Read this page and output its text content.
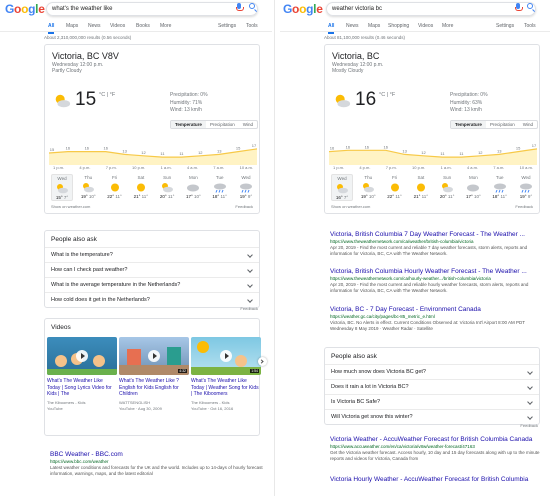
Google	what's the weather like
All Maps News Videos Books More	Settings Tools
About 2,310,000,000 results (0.56 seconds)
Victoria, BC V8V
Wednesday 12:00 p.m.
Partly Cloudy
15 °C | °F	Precipitation: 0%
Humidity: 71%
Wind: 13 km/h
Temperature	Precipitation	Wind
15	16	16	16
13	12	11	11	12	13
15
17
1 p.m.	4 p.m.	7 p.m.	10 p.m.	1 a.m.	4 a.m.	7 a.m.	10 a.m.
Wed
15° 7°
Thu
19° 10°
Fri
22° 11°
Sat
21° 11°
Sun
20° 11°
Mon
17° 10°
Tue
18° 11°
Wed
19° 9°
Show on weather.com	Feedback
People also ask
What is the temperature?
How can I check past weather?
What is the average temperature in the Netherlands?
How cold does it get in the Netherlands?
Feedback
Videos
What's The Weather Like Today | Song Lyrics Video for Kids | The
The Kiboomers - Kids
YouTube
4:32
What's The Weather Like ? English for Kids English for Children
WATTSENGLISH
YouTube · Aug 30, 2009
1:54
What's The Weather Like Today | Weather Song for Kids | The Kiboomers
The Kiboomers - Kids
YouTube · Oct 16, 2016
BBC Weather - BBC.com
https://www.bbc.com/weather
Latest weather conditions and forecasts for the UK and the world. Includes up to 14-days of hourly forecast information, warnings, maps, and the latest editorial
Google	weather victoria bc
All News Maps Shopping Videos More	Settings Tools
About 81,100,000 results (0.46 seconds)
Victoria, BC
Wednesday 12:00 p.m.
Mostly Cloudy
16 °C | °F	Precipitation: 0%
Humidity: 63%
Wind: 13 km/h
Temperature	Precipitation	Wind
16	16	16	16
13	12	11	11	12	13
15
17
1 p.m.	4 p.m.	7 p.m.	10 p.m.	1 a.m.	4 a.m.	7 a.m.	10 a.m.
Wed
16° 7°
Thu
19° 10°
Fri
22° 11°
Sat
21° 11°
Sun
20° 11°
Mon
17° 10°
Tue
18° 11°
Wed
19° 9°
Show on weather.com	Feedback
Victoria, British Columbia 7 Day Weather Forecast - The Weather ...
https://www.theweathernetwork.com/ca/weather/british-columbia/victoria
Apr 20, 2019 - Find the most current and reliable 7 day weather forecasts, storm alerts, reports and information for Victoria, BC, CA with The Weather Network.
Victoria, British Columbia Hourly Weather Forecast - The Weather ...
https://www.theweathernetwork.com/ca/hourly-weather.../british-columbia/victoria
Apr 20, 2019 - Find the most current and reliable hourly weather forecasts, storm alerts, reports and information for Victoria, BC, CA with The Weather Network.
Victoria, BC - 7 Day Forecast - Environment Canada
https://weather.gc.ca/city/pages/bc-85_metric_e.html
Victoria, BC. No Alerts in effect. Current Conditions Observed at: Victoria Int'l Airport 8:00 AM PDT Wednesday 8 May 2019 · Weather Radar · Satellite
People also ask
How much snow does Victoria BC get?
Does it rain a lot in Victoria BC?
Is Victoria BC Safe?
Will Victoria get snow this winter?
Feedback
Victoria Weather - AccuWeather Forecast for British Columbia Canada
https://www.accuweather.com/en/ca/victoria/v8w/weather-forecast/47163
Get the Victoria weather forecast. Access hourly, 10 day and 15 day forecasts along with up to the minute reports and videos for Victoria, Canada from
Victoria Hourly Weather - AccuWeather Forecast for British Columbia
